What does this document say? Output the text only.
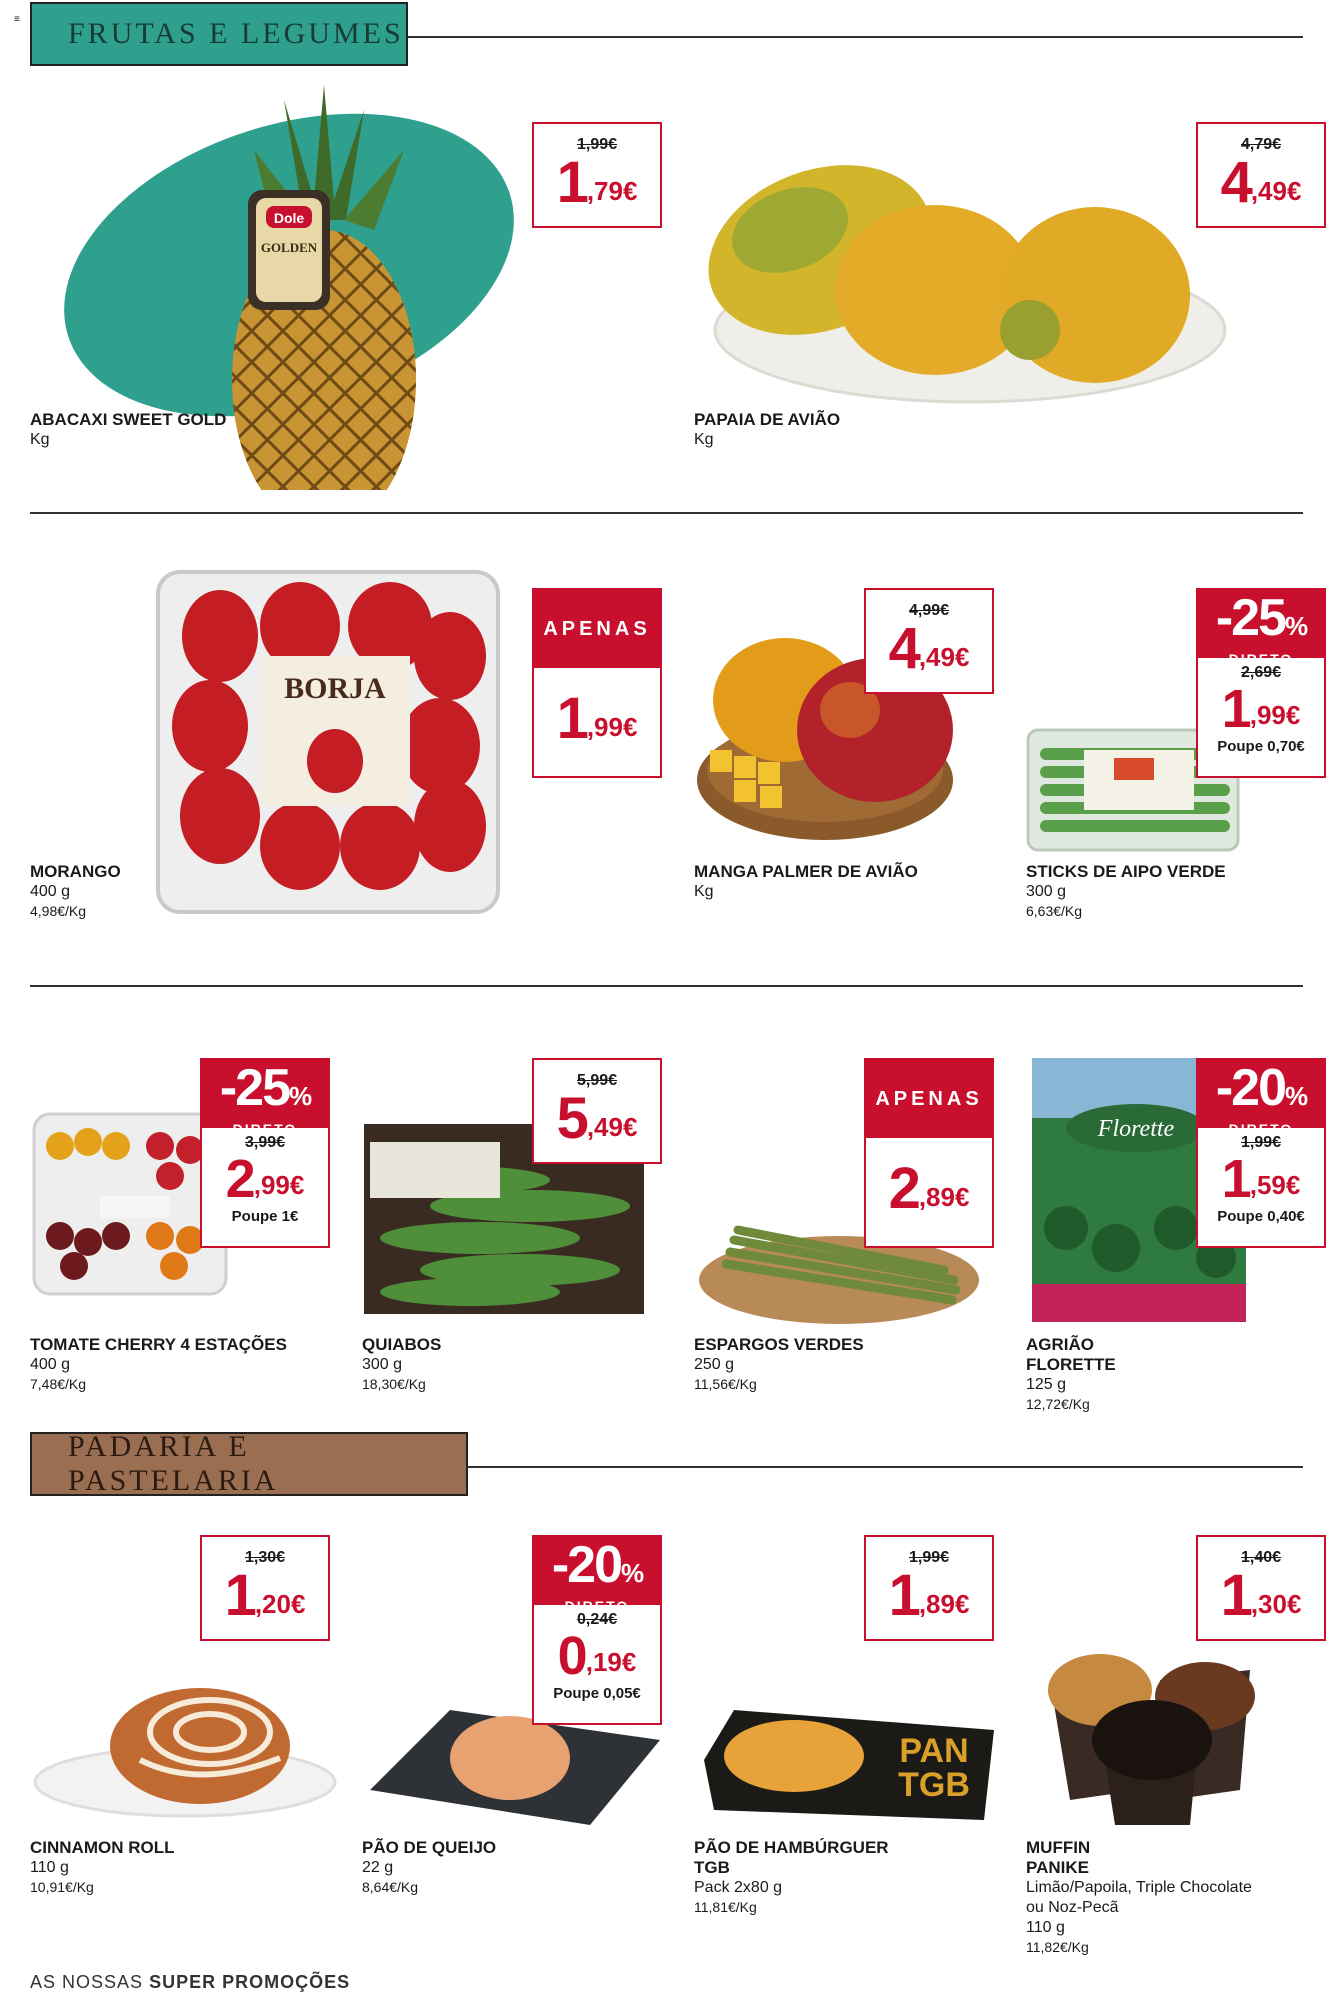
≡	FRUTAS E LEGUMES
Dole
GOLDEN
1,99€
1 ,79€
ABACAXI SWEET GOLD
Kg
4,79€
4 ,49€
PAPAIA DE AVIÃO
Kg
BORJA
APENAS
1 ,99€
MORANGO
400 g
4,98€/Kg
4,99€
4 ,49€
MANGA PALMER DE AVIÃO
Kg
-25%
DIRETO
2,69€
1 ,99€
Poupe 0,70€
STICKS DE AIPO VERDE
300 g
6,63€/Kg
-25%
DIRETO
3,99€
2 ,99€
Poupe 1€
TOMATE CHERRY 4 ESTAÇÕES
400 g
7,48€/Kg
5,99€
5 ,49€
QUIABOS
300 g
18,30€/Kg
APENAS
2 ,89€
ESPARGOS VERDES
250 g
11,56€/Kg
Florette
-20%
DIRETO
1,99€
1 ,59€
Poupe 0,40€
AGRIÃO
FLORETTE
125 g
12,72€/Kg
PADARIA E PASTELARIA
1,30€
1 ,20€
CINNAMON ROLL
110 g
10,91€/Kg
-20%
DIRETO
0,24€
0 ,19€
Poupe 0,05€
PÃO DE QUEIJO
22 g
8,64€/Kg
PAN
TGB
1,99€
1 ,89€
PÃO DE HAMBÚRGUER
TGB
Pack 2x80 g
11,81€/Kg
1,40€
1 ,30€
MUFFIN
PANIKE
Limão/Papoila, Triple Chocolate
ou Noz-Pecã
110 g
11,82€/Kg
AS NOSSAS SUPER PROMOÇÕES
